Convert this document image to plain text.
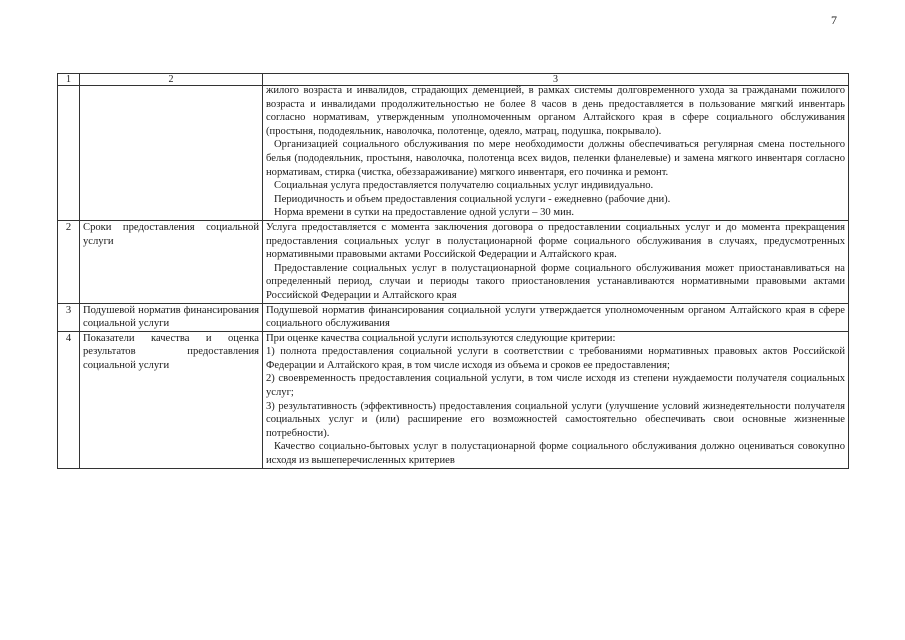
7
1	2	3

		жилого возраста и инвалидов, страдающих деменцией, в рамках системы долговременного ухода за гражданами пожилого возраста и инвалидами продолжительностью не более 8 часов в день предоставляется в пользование мягкий инвентарь согласно нормативам, утвержденным уполномоченным органом Алтайского края в сфере социального обслуживания (простыня, пододеяльник, наволочка, полотенце, одеяло, матрац, подушка, покрывало).
Организацией социального обслуживания по мере необходимости должны обеспечиваться регулярная смена постельного белья (пододеяльник, простыня, наволочка, полотенца всех видов, пеленки фланелевые) и замена мягкого инвентаря согласно нормативам, стирка (чистка, обеззараживание) мягкого инвентаря, его починка и ремонт.
Социальная услуга предоставляется получателю социальных услуг индивидуально.
Периодичность и объем предоставления социальной услуги - ежедневно (рабочие дни).
Норма времени в сутки на предоставление одной услуги – 30 мин.

2	Сроки предоставления социальной услуги	Услуга предоставляется с момента заключения договора о предоставлении социальных услуг и до момента прекращения предоставления социальных услуг в полустационарной форме социального обслуживания в случаях, предусмотренных нормативными правовыми актами Российской Федерации и Алтайского края.
Предоставление социальных услуг в полустационарной форме социального обслуживания может приостанавливаться на определенный период, случаи и периоды такого приостановления устанавливаются нормативными правовыми актами Российской Федерации и Алтайского края

3	Подушевой норматив финансирования социальной услуги	Подушевой норматив финансирования социальной услуги утверждается уполномоченным органом Алтайского края в сфере социального обслуживания

4	Показатели качества и оценка результатов предоставления социальной услуги	При оценке качества социальной услуги используются следующие критерии:
1) полнота предоставления социальной услуги в соответствии с требованиями нормативных правовых актов Российской Федерации и Алтайского края, в том числе исходя из объема и сроков ее предоставления;
2) своевременность предоставления социальной услуги, в том числе исходя из степени нуждаемости получателя социальных услуг;
3) результативность (эффективность) предоставления социальной услуги (улучшение условий жизнедеятельности получателя социальных услуг и (или) расширение его возможностей самостоятельно обеспечивать свои основные жизненные потребности).
Качество социально-бытовых услуг в полустационарной форме социального обслуживания должно оцениваться совокупно исходя из вышеперечисленных критериев
